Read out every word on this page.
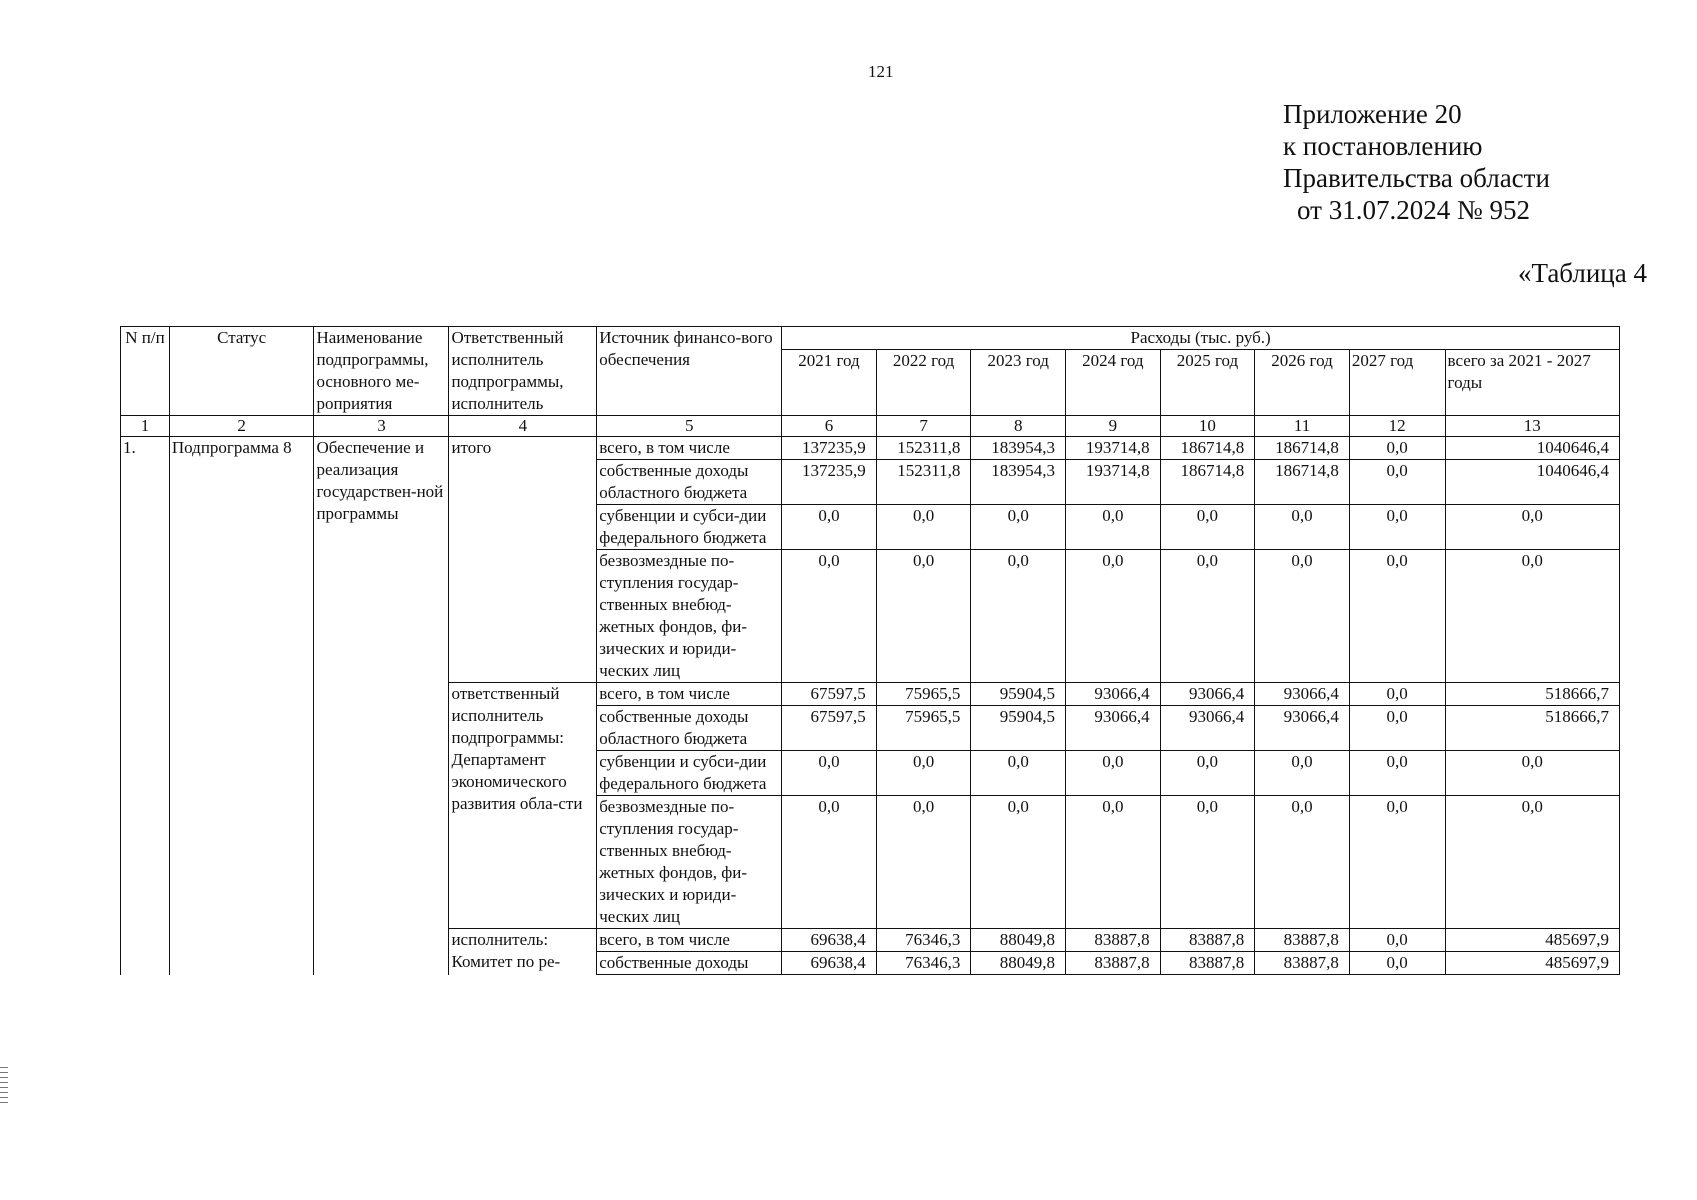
121
Приложение 20
к постановлению
Правительства области
от 31.07.2024 № 952
«Таблица 4
N п/п	Статус	Наименование подпрограммы, основного ме-роприятия	Ответственный исполнитель подпрограммы, исполнитель	Источник финансо-вого обеспечения	Расходы (тыс. руб.)							
					2021 год	2022 год	2023 год	2024 год	2025 год	2026 год	2027 год	всего за 2021 - 2027 годы
1	2	3	4	5	6	7	8	9	10	11	12	13
1.	Подпрограмма 8	Обеспечение и реализация государствен-ной программы	итого	всего, в том числе	137235,9	152311,8	183954,3	193714,8	186714,8	186714,8	0,0	1040646,4
				собственные доходы областного бюджета	137235,9	152311,8	183954,3	193714,8	186714,8	186714,8	0,0	1040646,4
				субвенции и субси-дии федерального бюджета	0,0	0,0	0,0	0,0	0,0	0,0	0,0	0,0
				безвозмездные по-ступления государ-ственных внебюд-жетных фондов, фи-зических и юриди-ческих лиц	0,0	0,0	0,0	0,0	0,0	0,0	0,0	0,0
			ответственный исполнитель подпрограммы: Департамент экономического развития обла-сти	всего, в том числе	67597,5	75965,5	95904,5	93066,4	93066,4	93066,4	0,0	518666,7
				собственные доходы областного бюджета	67597,5	75965,5	95904,5	93066,4	93066,4	93066,4	0,0	518666,7
				субвенции и субси-дии федерального бюджета	0,0	0,0	0,0	0,0	0,0	0,0	0,0	0,0
				безвозмездные по-ступления государ-ственных внебюд-жетных фондов, фи-зических и юриди-ческих лиц	0,0	0,0	0,0	0,0	0,0	0,0	0,0	0,0
			исполнитель: Комитет по ре-	всего, в том числе	69638,4	76346,3	88049,8	83887,8	83887,8	83887,8	0,0	485697,9
				собственные доходы	69638,4	76346,3	88049,8	83887,8	83887,8	83887,8	0,0	485697,9
